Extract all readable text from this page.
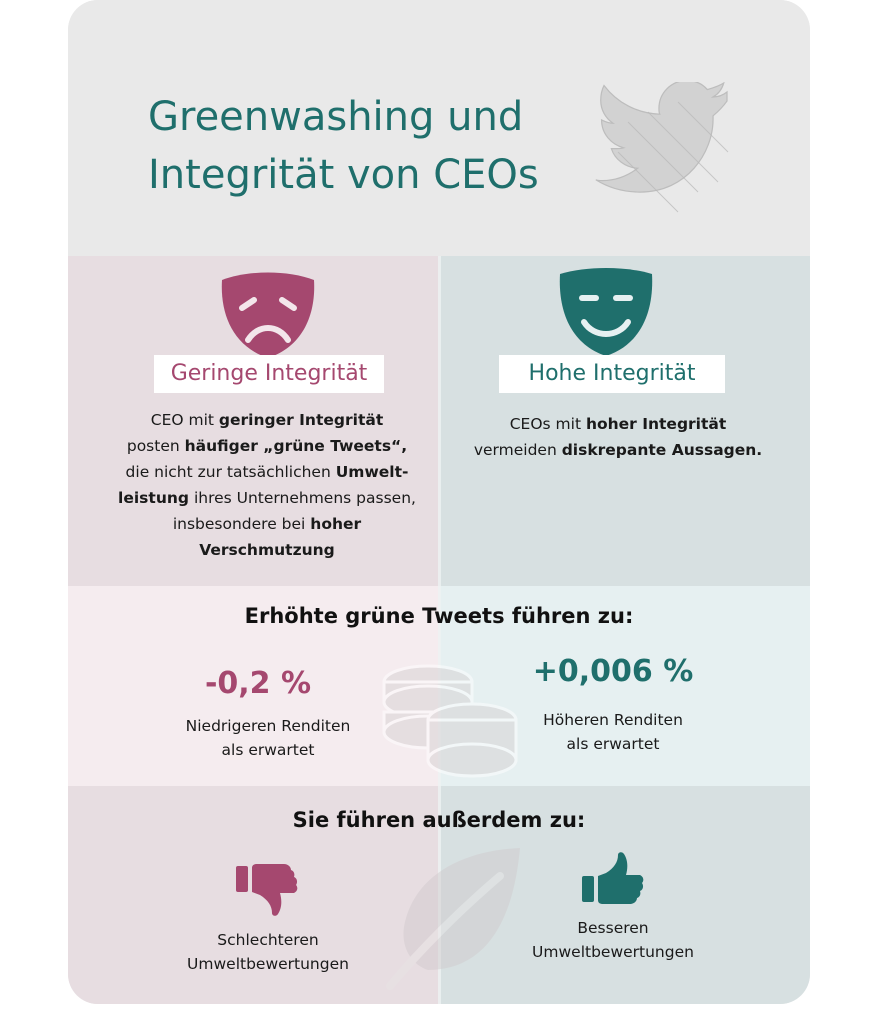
Greenwashing und
Integrität von CEOs
Geringe Integrität	Hohe Integrität
CEO mit geringer Integrität
posten häufiger „grüne Tweets“,
die nicht zur tatsächlichen Umwelt-leistung ihres Unternehmens passen, insbesondere bei hoher Verschmutzung
CEOs mit hoher Integrität
vermeiden diskrepante Aussagen.
Erhöhte grüne Tweets führen zu:
-0,2 %
Niedrigeren Renditen
als erwartet
+0,006 %
Höheren Renditen
als erwartet
Sie führen außerdem zu:
Schlechteren
Umweltbewertungen
Besseren
Umweltbewertungen
